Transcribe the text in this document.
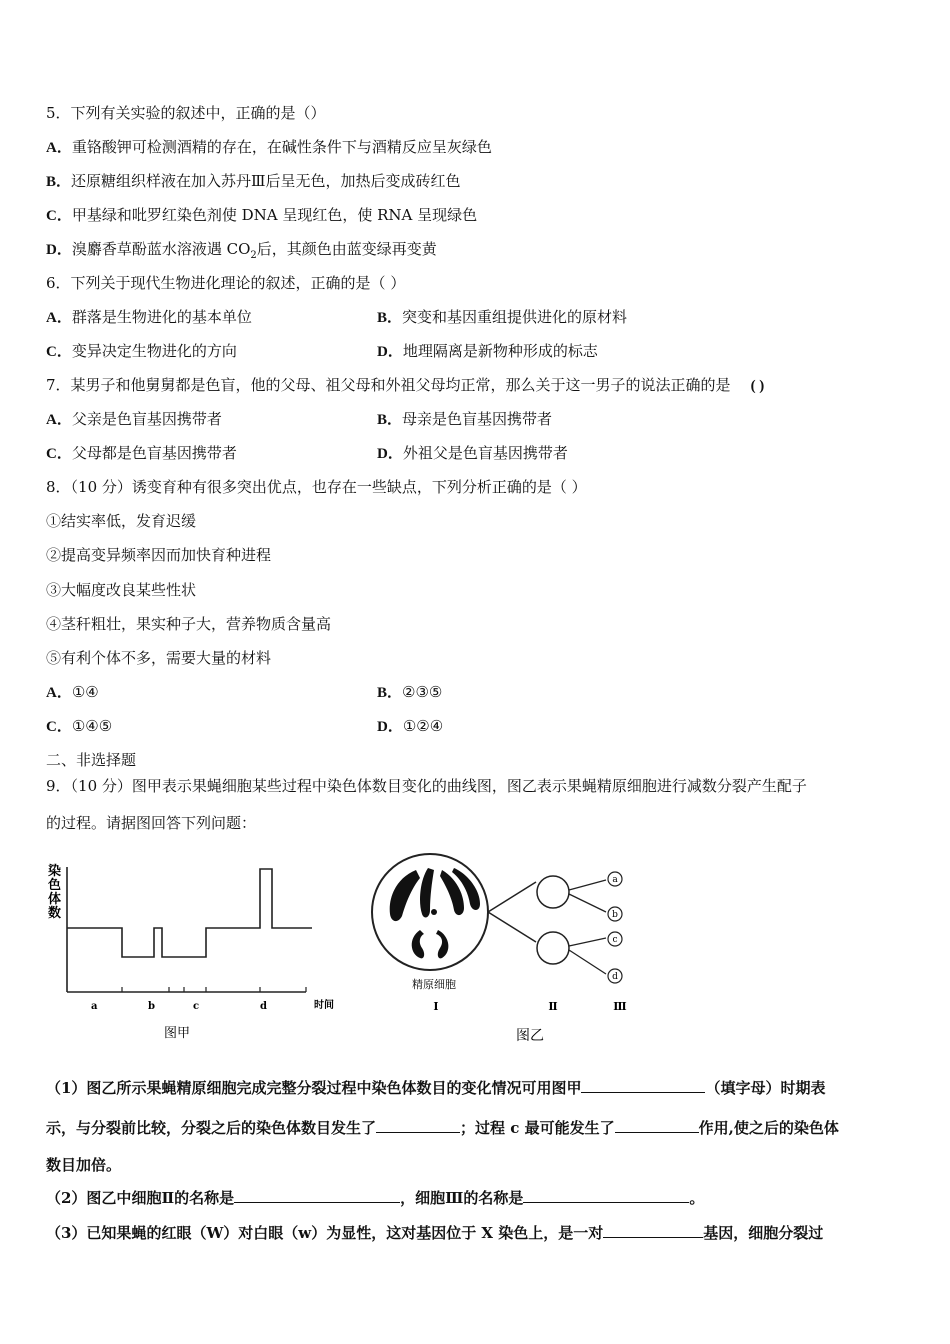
5．下列有关实验的叙述中，正确的是（）
A．重铬酸钾可检测酒精的存在，在碱性条件下与酒精反应呈灰绿色
B．还原糖组织样液在加入苏丹Ⅲ后呈无色，加热后变成砖红色
C．甲基绿和吡罗红染色剂使 DNA 呈现红色，使 RNA 呈现绿色
D．溴麝香草酚蓝水溶液遇 $CO_2$后，其颜色由蓝变绿再变黄
6．下列关于现代生物进化理论的叙述，正确的是（ ）
A．群落是生物进化的基本单位	B．突变和基因重组提供进化的原材料
C．变异决定生物进化的方向	D．地理隔离是新物种形成的标志
7．某男子和他舅舅都是色盲，他的父母、祖父母和外祖父母均正常，那么关于这一男子的说法正确的是 ( )
A．父亲是色盲基因携带者	B．母亲是色盲基因携带者
C．父母都是色盲基因携带者	D．外祖父是色盲基因携带者
8．（10 分）诱变育种有很多突出优点，也存在一些缺点，下列分析正确的是（ ）
①结实率低，发育迟缓
②提高变异频率因而加快育种进程
③大幅度改良某些性状
④茎秆粗壮，果实种子大，营养物质含量高
⑤有利个体不多，需要大量的材料
A．①④	B．②③⑤
C．①④⑤	D．①②④
二、非选择题
9．（10 分）图甲表示果蝇细胞某些过程中染色体数目变化的曲线图，图乙表示果蝇精原细胞进行减数分裂产生配子
的过程。请据图回答下列问题：
染
色
体
数
a	b	c	d	时间
图甲
a
b
c
d
精原细胞
Ⅰ	Ⅱ	Ⅲ
图乙
（1）图乙所示果蝇精原细胞完成完整分裂过程中染色体数目的变化情况可用图甲	（填字母）时期表
示，与分裂前比较，分裂之后的染色体数目发生了	；过程 c 最可能发生了	作用,使之后的染色体
数目加倍。
（2）图乙中细胞Ⅱ的名称是	，细胞Ⅲ的名称是	。
（3）已知果蝇的红眼（W）对白眼（w）为显性，这对基因位于 X 染色上，是一对	基因，细胞分裂过
